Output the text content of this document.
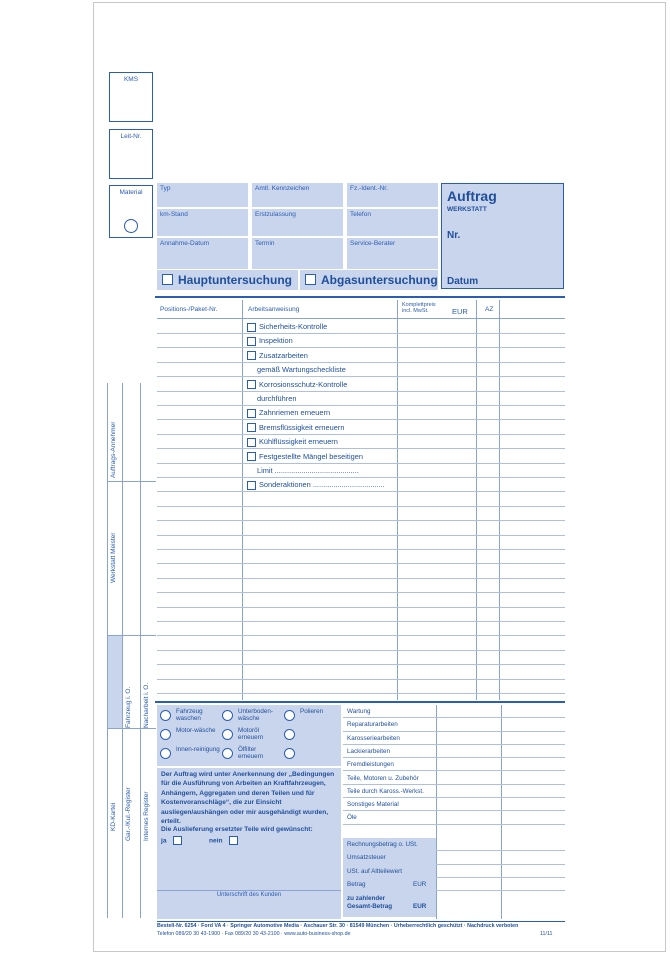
KMS
Leit-Nr.
Material
Typ	Amtl. Kennzeichen	Fz.-Ident.-Nr.
km-Stand	Erstzulassung	Telefon
Annahme-Datum	Termin	Service-Berater
Hauptuntersuchung Abgasuntersuchung
Auftrag
WERKSTATT
Nr.
Datum
Positions-/Paket-Nr.	Arbeitsanweisung
Komplettpreis
incl. MwSt.	EUR	AZ
Sicherheits-Kontrolle
Inspektion
Zusatzarbeiten
gemäß Wartungscheckliste
Korrosionsschutz-Kontrolle
durchführen
Zahnriemen erneuern
Bremsflüssigkeit erneuern
Kühlflüssigkeit erneuern
Festgestellte Mängel beseitigen
Limit .........................................
Sonderaktionen ...................................
Auftrags-Annehmer
Werkstatt Meister
Fahrzeug i. O. Nacharbeit i. O.
KD-Kartei Gar.-/Kul.-Register Internes Register
Fahrzeug waschen
Unterboden-wäsche
Polieren
Motor-wäsche	Motoröl erneuern
Innen-reinigung	Ölfilter erneuern
Der Auftrag wird unter Anerkennung der „Bedingungen für die Ausführung von Arbeiten an Kraftfahrzeugen, Anhängern, Aggregaten und deren Teilen und für Kostenvoranschläge“, die zur Einsicht ausliegen/aushängen oder mir ausgehändigt wurden, erteilt.
Die Auslieferung ersetzter Teile wird gewünscht:
ja	nein
Unterschrift des Kunden
Wartung
Reparaturarbeiten
Karosseriearbeiten
Lackierarbeiten
Fremdleistungen
Teile, Motoren u. Zubehör
Teile durch Kaross.-Werkst.
Sonstiges Material
Öle
Rechnungsbetrag o. USt.
Umsatzsteuer
USt. auf Altteilewert
Betrag	EUR
zu zahlender
Gesamt-Betrag	EUR
Bestell-Nr. 6254 · Ford VA 4 · Springer Automotive Media · Aschauer Str. 30 · 81549 München · Urheberrechtlich geschützt · Nachdruck verboten
Telefon 089/20 30 43-1900 · Fax 089/20 30 43-2100 · www.auto-business-shop.de	11/11
